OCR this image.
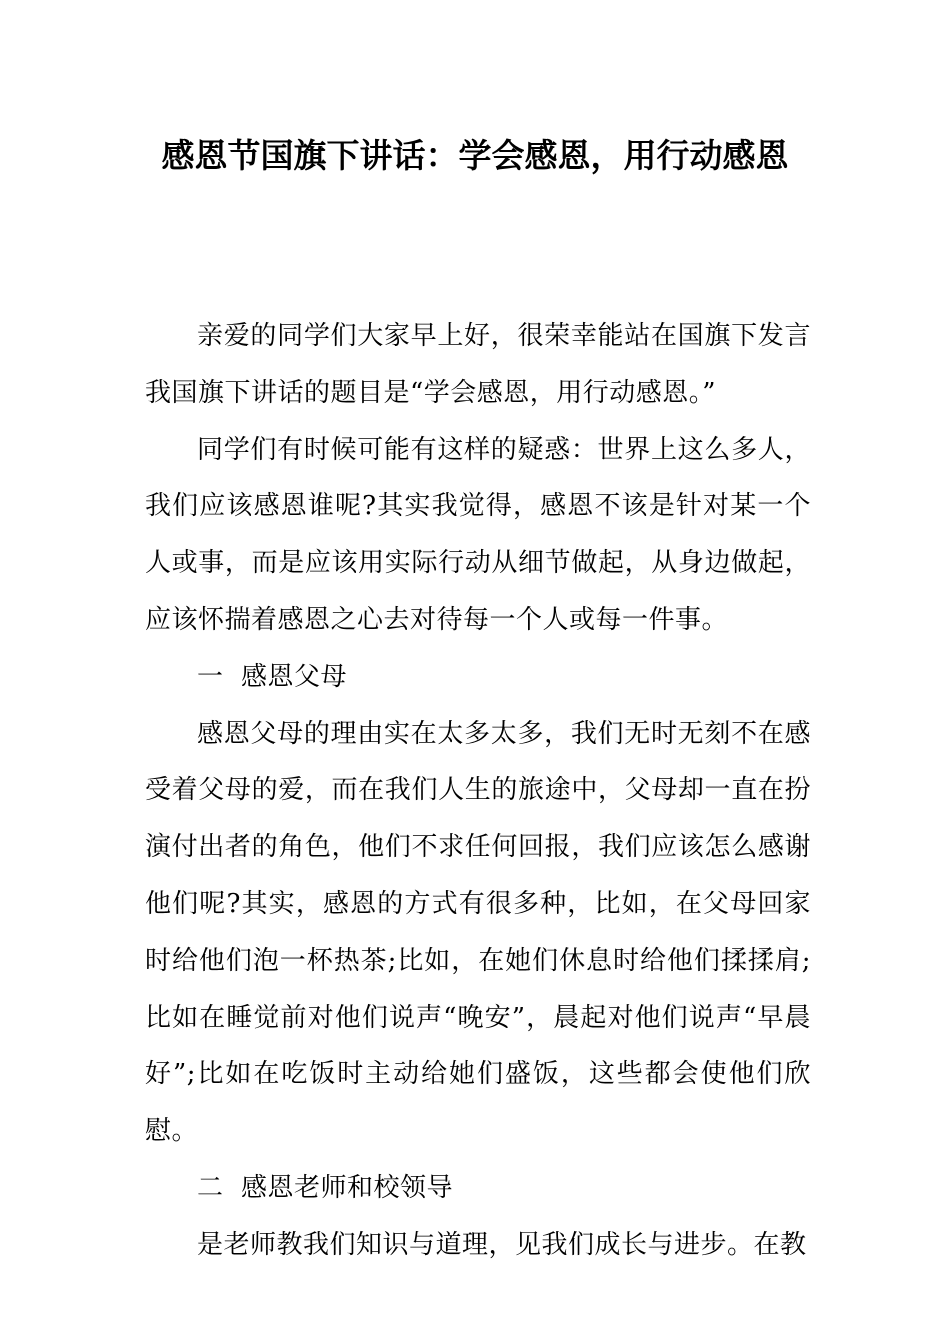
感恩节国旗下讲话：学会感恩，用行动感恩

亲爱的同学们大家早上好，很荣幸能站在国旗下发言我国旗下讲话的题目是“学会感恩，用行动感恩。”

同学们有时候可能有这样的疑惑：世界上这么多人，我们应该感恩谁呢?其实我觉得，感恩不该是针对某一个人或事，而是应该用实际行动从细节做起，从身边做起，应该怀揣着感恩之心去对待每一个人或每一件事。

一  感恩父母

感恩父母的理由实在太多太多，我们无时无刻不在感受着父母的爱，而在我们人生的旅途中，父母却一直在扮演付出者的角色，他们不求任何回报，我们应该怎么感谢他们呢?其实，感恩的方式有很多种，比如，在父母回家时给他们泡一杯热茶;比如，在她们休息时给他们揉揉肩;比如在睡觉前对他们说声“晚安”，晨起对他们说声“早晨好”;比如在吃饭时主动给她们盛饭，这些都会使他们欣慰。

二  感恩老师和校领导

是老师教我们知识与道理，见我们成长与进步。在教
